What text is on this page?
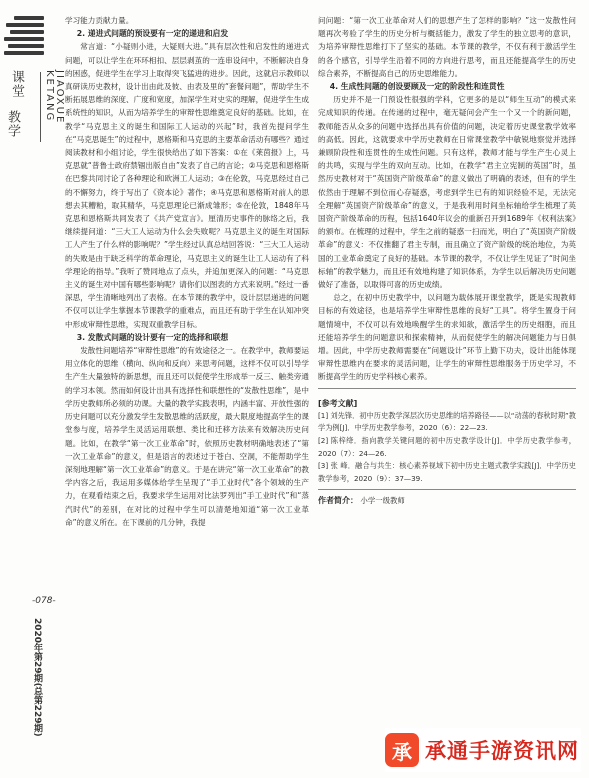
课堂
教学
KETANG JIAOXUE
-078-
2020年第29期(总第229期)

学习能力贡献力量。

2. 递进式问题的预设要有一定的递进和启发

常言道：“小疑则小进，大疑则大进。”具有层次性和启发性的递进式问题，可以让学生在环环相扣、层层剥茧的一连串设问中，不断解决自身的困惑，促进学生在学习上取得突飞猛进的进步。因此，这就启示教师以真研读历史教材，设计出由此及彼、由表及里的“套餐问题”，帮助学生不断拓展思维的深度、广度和宽度，加深学生对史实的理解，促进学生生成系统性的知识，从而为培养学生的审辩性思维奠定良好的基础。比如，在教学“马克思主义的诞生和国际工人运动的兴起”时，我首先提问学生在“马克思诞生”的过程中，恩格斯和马克思的主要革命活动有哪些？通过阅读教材和小组讨论，学生很快给出了如下答案：①在《莱茵报》上，马克思就“普鲁士政府禁锢出版自由”发表了自己的言论；②马克思和恩格斯在巴黎共同讨论了各种理论和欧洲工人运动；③在伦敦，马克思经过自己的不懈努力，终于写出了《资本论》著作；④马克思和恩格斯对前人的思想去其糟粕，取其精华，马克思理论已渐成雏形；⑤在伦敦，1848年马克思和恩格斯共同发表了《共产党宣言》。厘清历史事件的脉络之后，我继续提问道：“三大工人运动为什么会失败呢？马克思主义的诞生对国际工人产生了什么样的影响呢？”学生经过认真总结回答说：“三大工人运动的失败是由于缺乏科学的革命理论，马克思主义的诞生让工人运动有了科学理论的指导。”我听了赞同地点了点头，并追加更深入的问题：“马克思主义的诞生对中国有哪些影响呢？请你们以图表的方式来说明。”经过一番深思，学生清晰地列出了表格。在本节课的教学中，设计层层递进的问题不仅可以让学生掌握本节课教学的重难点，而且还有助于学生在认知冲突中形成审辩性思维，实现双重教学目标。

3. 发散式问题的设计要有一定的选择和联想

发散性问题培养“审辩性思维”的有效途径之一。在教学中，教师要运用立体化的思维（横向、纵向和反向）来思考问题，这样不仅可以引导学生产生大量独特的新思想，而且还可以促使学生形成举一反三、触类旁通的学习本领。然而如何设计出具有选择性和联想性的“发散性思维”，是中学历史教师所必须的功课。大量的教学实践表明，内涵丰富、开放性强的历史问题可以充分激发学生发散思维的活跃度，最大限度地提高学生的课堂参与度，培养学生灵活运用联想、类比和迁移方法来有效解决历史问题。比如，在教学“第一次工业革命”时，依照历史教材明确地表述了“第一次工业革命”的意义，但是语言的表述过于苍白、空洞，不能帮助学生深刻地理解“第一次工业革命”的意义。于是在讲完“第一次工业革命”的教学内容之后，我运用多媒体给学生呈现了“手工业时代”各个领域的生产力，在观看结束之后，我要求学生运用对比法罗列出“手工业时代”和“蒸汽时代”的差别，在对比的过程中学生可以清楚地知道“第一次工业革命”的意义所在。在下课前的几分钟，我提

问问题：“第一次工业革命对人们的思想产生了怎样的影响？”这一发散性问题再次考验了学生的历史分析与概括能力，激发了学生的独立思考的意识，为培养审辩性思维打下了坚实的基础。本节课的教学，不仅有利于激活学生的各个感官，引导学生沿着不同的方向进行思考，而且还能提高学生的历史综合素养，不断提高自己的历史思维能力。

4. 生成性问题的创设要顾及一定的阶段性和连贯性

历史并不是一门预设性很强的学科，它更多的是以“师生互动”的模式来完成知识的传递。在传递的过程中，毫无疑问会产生一个又一个的新问题，教师能否从众多的问题中选择出具有价值的问题，决定着历史课堂教学效率的高低。因此，这就要求中学历史教师在日常课堂教学中敏锐地察觉并选择兼顾阶段性和连贯性的生成性问题。只有这样，教师才能与学生产生心灵上的共鸣，实现与学生的双向互动。比如，在教学“君主立宪制的英国”时，虽然历史教材对于“英国资产阶级革命”的意义做出了明确的表述，但有的学生依然由于理解不到位而心存疑惑，考虑到学生已有的知识经验不足，无法完全理解“英国资产阶级革命”的意义，于是我利用时间坐标轴给学生梳理了英国资产阶级革命的历程，包括1640年议会的重新召开到1689年《权利法案》的颁布。在梳理的过程中，学生之前的疑惑一扫而光，明白了“英国资产阶级革命”的意义：不仅推翻了君主专制，而且确立了资产阶级的统治地位，为英国的工业革命奠定了良好的基础。本节课的教学，不仅让学生见证了“时间坐标轴”的教学魅力，而且还有效地构建了知识体系，为学生以后解决历史问题做好了准备，以取得可喜的历史成绩。

总之，在初中历史教学中，以问题为载体展开课堂教学，既是实现教师目标的有效途径，也是培养学生审辩性思维的良好“工具”。将学生置身于问题情境中，不仅可以有效地唤醒学生的求知欲，激活学生的历史细胞，而且还能培养学生的问题意识和探索精神，从而促使学生的解决问题能力与日俱增。因此，中学历史教师需要在“问题设计”环节上勤下功夫，设计出能体现审辩性思维内在要求的灵活问题，让学生的审辩性思维服务于历史学习，不断提高学生的历史学科核心素养。

[参考文献]

[1] 刘先锋．初中历史教学深层次历史思维的培养路径——以“动荡的春秋时期”教学为例[J]．中学历史教学参考，2020（6）：22—23.

[2] 陈梓绛．指向教学关键问题的初中历史教学设计[J]．中学历史教学参考，2020（7）：24—26.

[3] 张 峰．融合与共生：核心素养视域下初中历史主题式教学实践[J]．中学历史教学参考，2020（9）：37—39.

作者简介： 小学一级教师
承 承通手游资讯网
